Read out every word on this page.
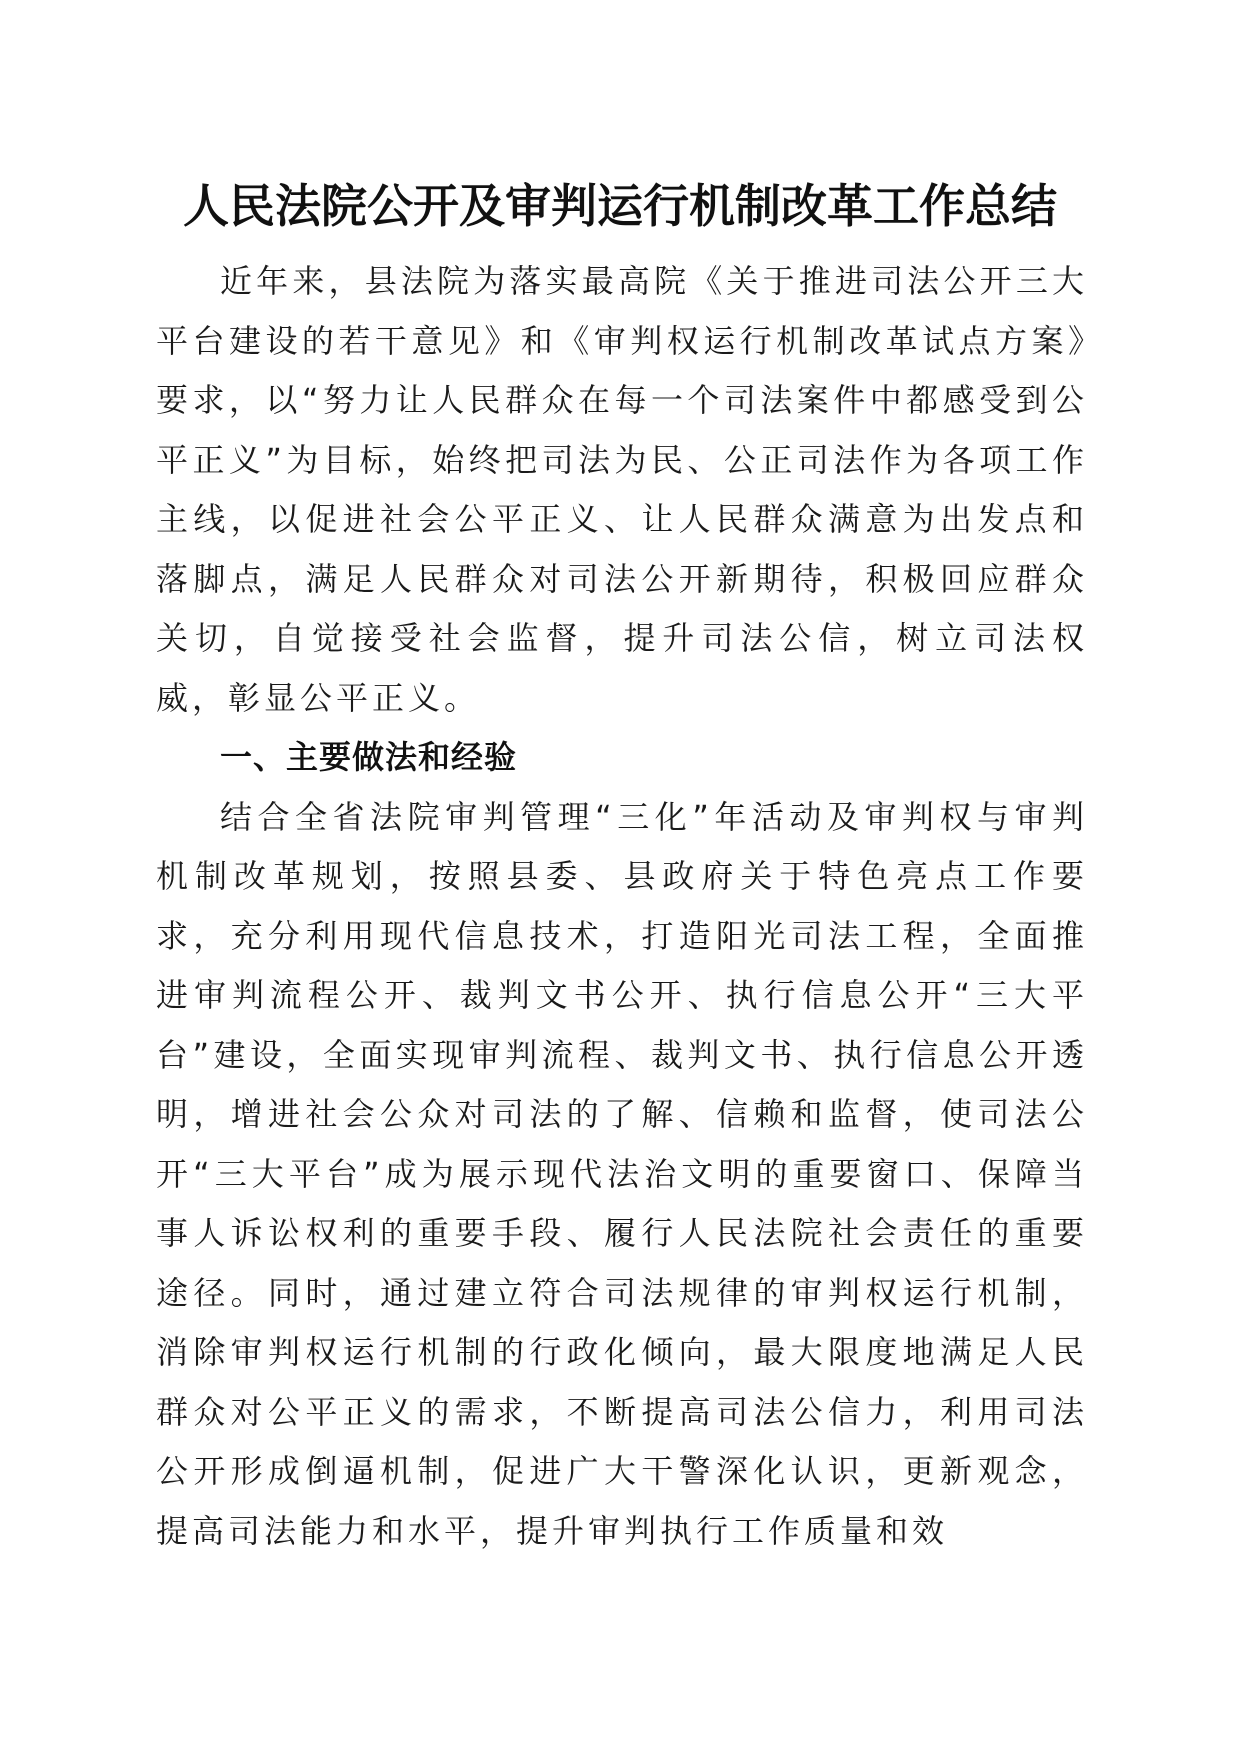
人民法院公开及审判运行机制改革工作总结

近年来，县法院为落实最高院《关于推进司法公开三大平台建设的若干意见》和《审判权运行机制改革试点方案》要求，以“努力让人民群众在每一个司法案件中都感受到公平正义”为目标，始终把司法为民、公正司法作为各项工作主线，以促进社会公平正义、让人民群众满意为出发点和落脚点，满足人民群众对司法公开新期待，积极回应群众关切，自觉接受社会监督，提升司法公信，树立司法权威，彰显公平正义。

一、主要做法和经验

结合全省法院审判管理“三化”年活动及审判权与审判机制改革规划，按照县委、县政府关于特色亮点工作要求，充分利用现代信息技术，打造阳光司法工程，全面推进审判流程公开、裁判文书公开、执行信息公开“三大平台”建设，全面实现审判流程、裁判文书、执行信息公开透明，增进社会公众对司法的了解、信赖和监督，使司法公开“三大平台”成为展示现代法治文明的重要窗口、保障当事人诉讼权利的重要手段、履行人民法院社会责任的重要途径。同时，通过建立符合司法规律的审判权运行机制，消除审判权运行机制的行政化倾向，最大限度地满足人民群众对公平正义的需求，不断提高司法公信力，利用司法公开形成倒逼机制，促进广大干警深化认识，更新观念，提高司法能力和水平，提升审判执行工作质量和效
